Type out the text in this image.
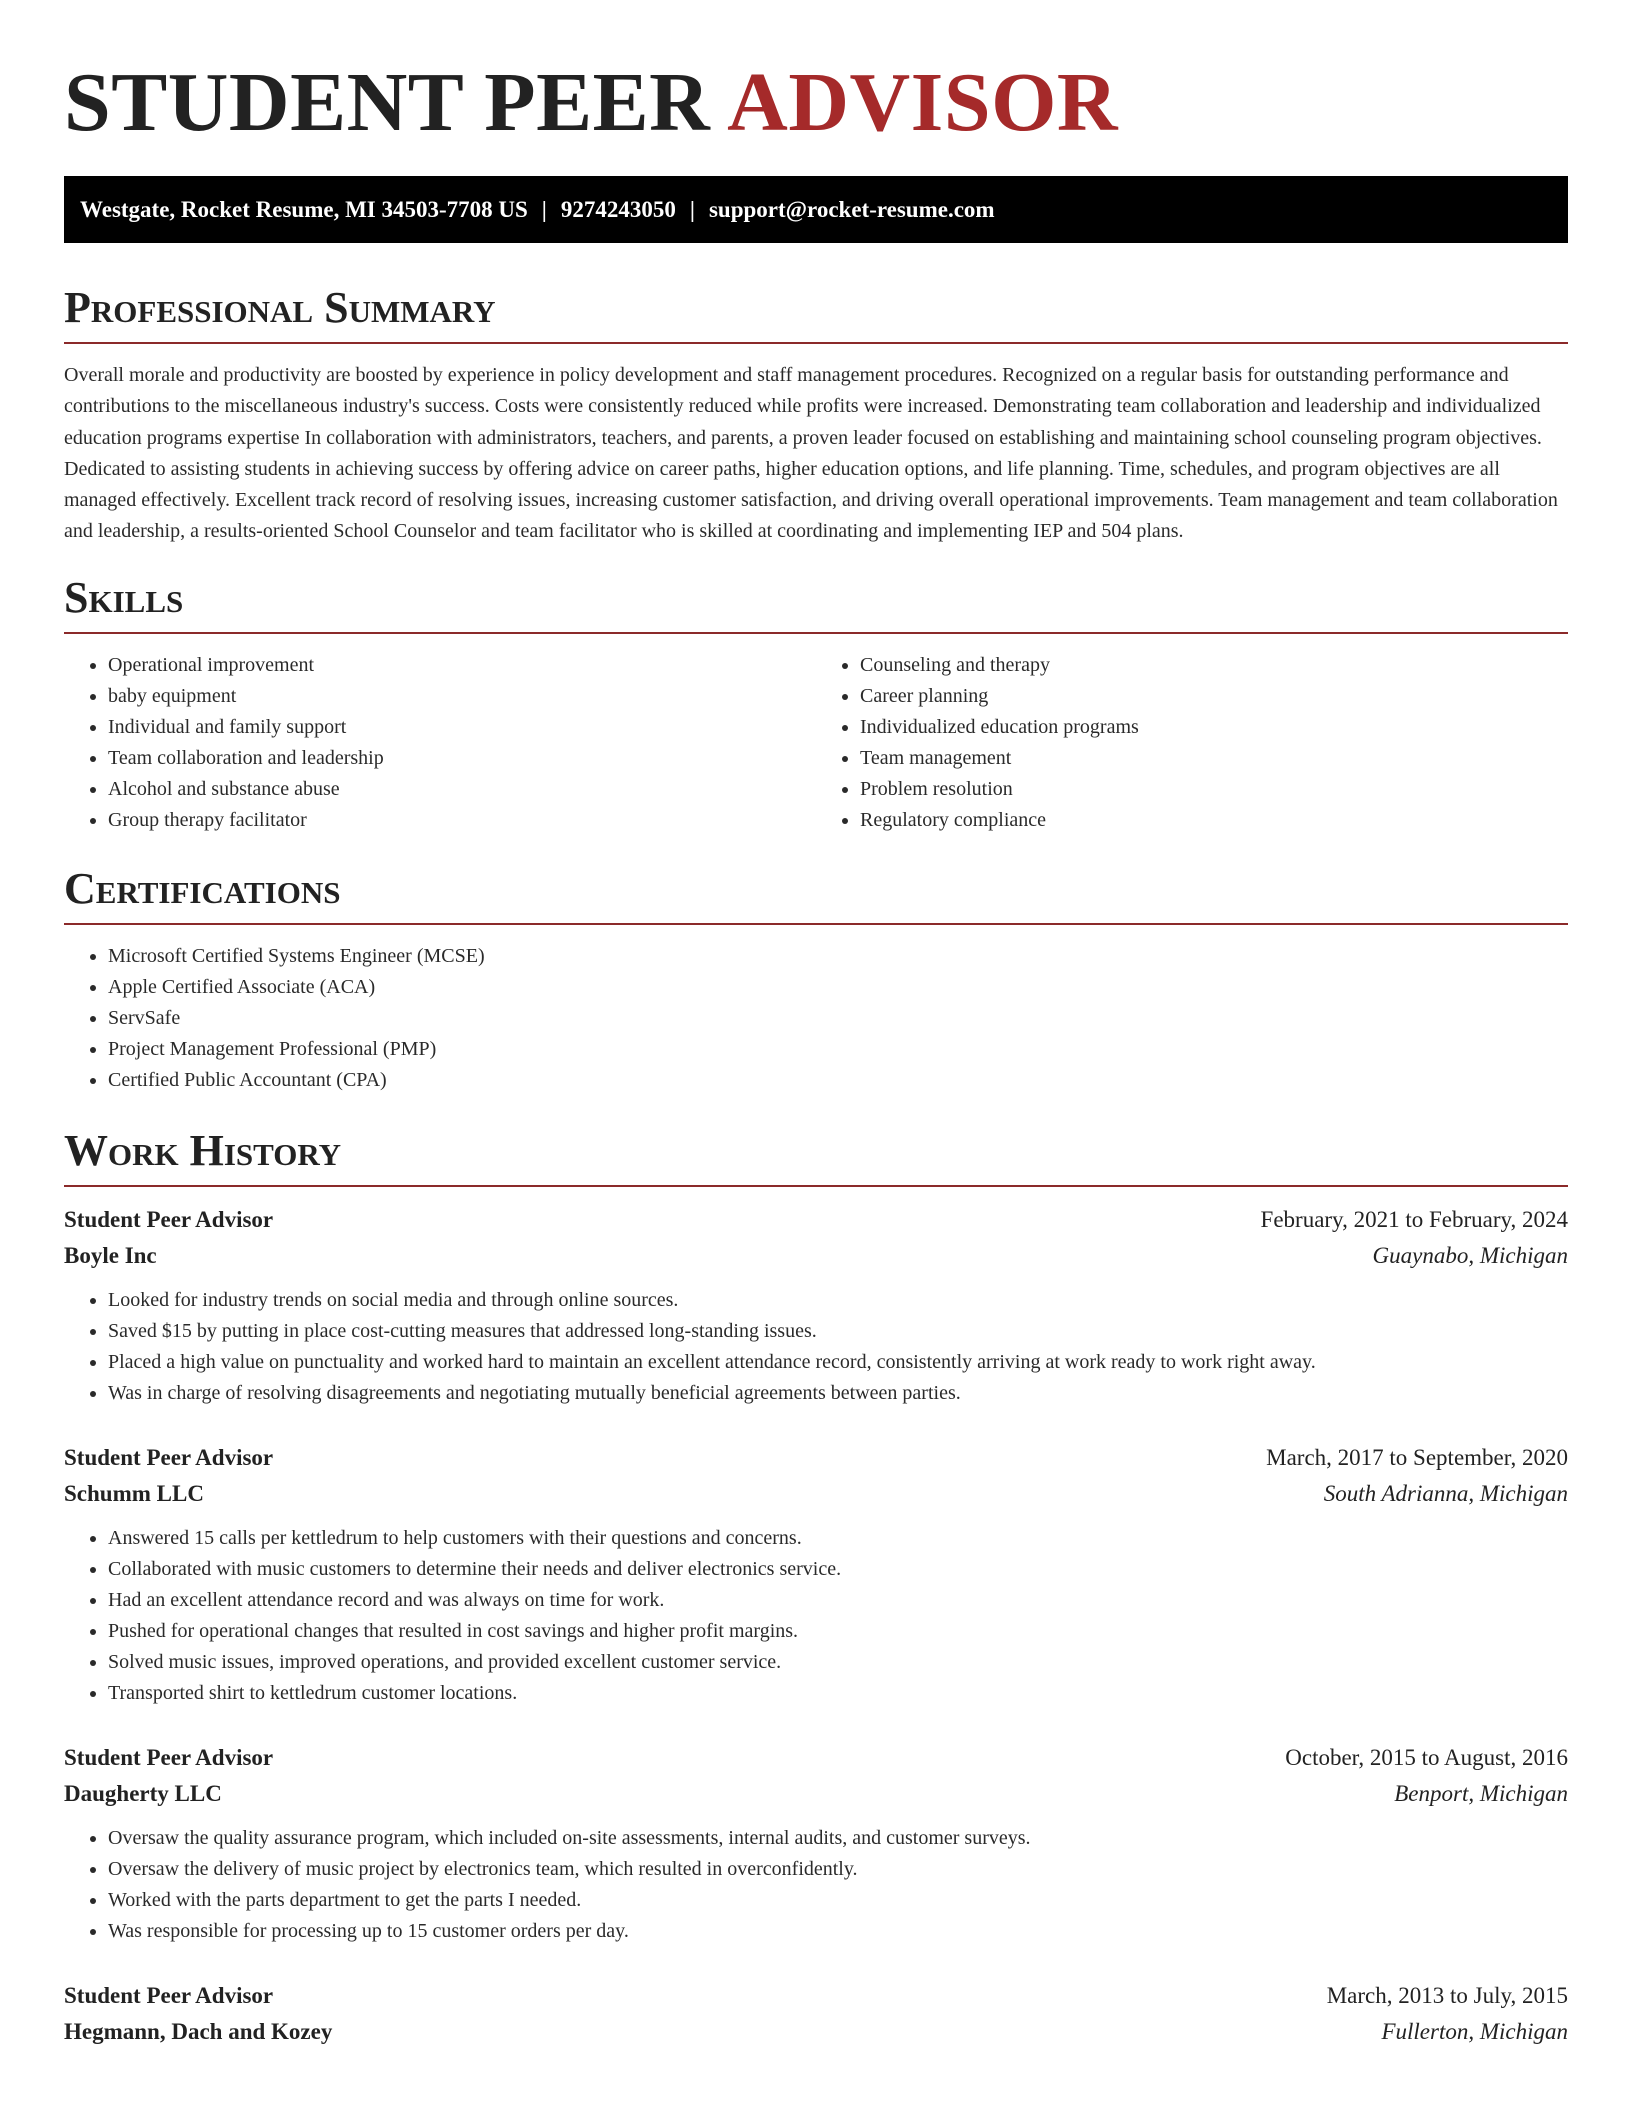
STUDENT PEER ADVISOR
Westgate, Rocket Resume, MI 34503-7708 US | 9274243050 | support@rocket-resume.com
Professional Summary

Overall morale and productivity are boosted by experience in policy development and staff management procedures. Recognized on a regular basis for outstanding performance and contributions to the miscellaneous industry's success. Costs were consistently reduced while profits were increased. Demonstrating team collaboration and leadership and individualized education programs expertise In collaboration with administrators, teachers, and parents, a proven leader focused on establishing and maintaining school counseling program objectives. Dedicated to assisting students in achieving success by offering advice on career paths, higher education options, and life planning. Time, schedules, and program objectives are all managed effectively. Excellent track record of resolving issues, increasing customer satisfaction, and driving overall operational improvements. Team management and team collaboration and leadership, a results-oriented School Counselor and team facilitator who is skilled at coordinating and implementing IEP and 504 plans.

Skills
• Operational improvement
• baby equipment
• Individual and family support
• Team collaboration and leadership
• Alcohol and substance abuse
• Group therapy facilitator
• Counseling and therapy
• Career planning
• Individualized education programs
• Team management
• Problem resolution
• Regulatory compliance
Certifications
• Microsoft Certified Systems Engineer (MCSE)
• Apple Certified Associate (ACA)
• ServSafe
• Project Management Professional (PMP)
• Certified Public Accountant (CPA)
Work History
Student Peer Advisor	February, 2021 to February, 2024
Boyle Inc	Guaynabo, Michigan
• Looked for industry trends on social media and through online sources.
• Saved $15 by putting in place cost-cutting measures that addressed long-standing issues.
• Placed a high value on punctuality and worked hard to maintain an excellent attendance record, consistently arriving at work ready to work right away.
• Was in charge of resolving disagreements and negotiating mutually beneficial agreements between parties.
Student Peer Advisor	March, 2017 to September, 2020
Schumm LLC	South Adrianna, Michigan
• Answered 15 calls per kettledrum to help customers with their questions and concerns.
• Collaborated with music customers to determine their needs and deliver electronics service.
• Had an excellent attendance record and was always on time for work.
• Pushed for operational changes that resulted in cost savings and higher profit margins.
• Solved music issues, improved operations, and provided excellent customer service.
• Transported shirt to kettledrum customer locations.
Student Peer Advisor	October, 2015 to August, 2016
Daugherty LLC	Benport, Michigan
• Oversaw the quality assurance program, which included on-site assessments, internal audits, and customer surveys.
• Oversaw the delivery of music project by electronics team, which resulted in overconfidently.
• Worked with the parts department to get the parts I needed.
• Was responsible for processing up to 15 customer orders per day.
Student Peer Advisor	March, 2013 to July, 2015
Hegmann, Dach and Kozey	Fullerton, Michigan
